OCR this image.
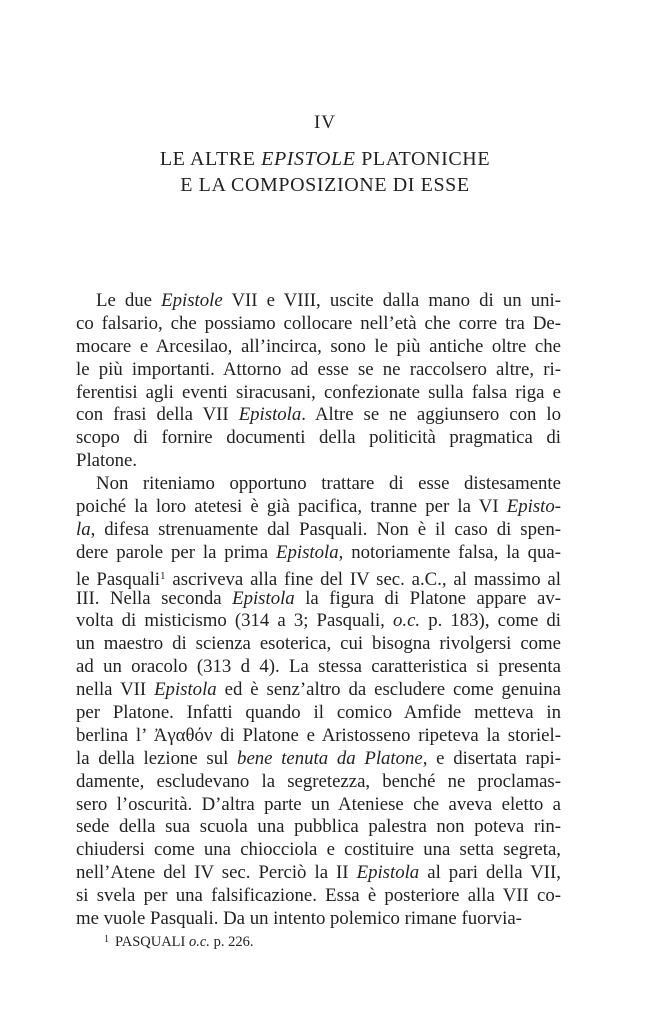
IV
LE ALTRE EPISTOLE PLATONICHE
E LA COMPOSIZIONE DI ESSE
Le due Epistole VII e VIII, uscite dalla mano di un uni-
co falsario, che possiamo collocare nell’età che corre tra De-
mocare e Arcesilao, all’incirca, sono le più antiche oltre che
le più importanti. Attorno ad esse se ne raccolsero altre, ri-
ferentisi agli eventi siracusani, confezionate sulla falsa riga e
con frasi della VII Epistola. Altre se ne aggiunsero con lo
scopo di fornire documenti della politicità pragmatica di
Platone.
Non riteniamo opportuno trattare di esse distesamente
poiché la loro atetesi è già pacifica, tranne per la VI Episto-
la, difesa strenuamente dal Pasquali. Non è il caso di spen-
dere parole per la prima Epistola, notoriamente falsa, la qua-
le Pasquali$^1$ ascriveva alla fine del IV sec. a.C., al massimo al
III. Nella seconda Epistola la figura di Platone appare av-
volta di misticismo (314 a 3; Pasquali, o.c. p. 183), come di
un maestro di scienza esoterica, cui bisogna rivolgersi come
ad un oracolo (313 d 4). La stessa caratteristica si presenta
nella VII Epistola ed è senz’altro da escludere come genuina
per Platone. Infatti quando il comico Amfide metteva in
berlina l’ Ἀγαθόν di Platone e Aristosseno ripeteva la storiel-
la della lezione sul bene tenuta da Platone, e disertata rapi-
damente, escludevano la segretezza, benché ne proclamas-
sero l’oscurità. D’altra parte un Ateniese che aveva eletto a
sede della sua scuola una pubblica palestra non poteva rin-
chiudersi come una chiocciola e costituire una setta segreta,
nell’Atene del IV sec. Perciò la II Epistola al pari della VII,
si svela per una falsificazione. Essa è posteriore alla VII co-
me vuole Pasquali. Da un intento polemico rimane fuorvia-
$^1$ PASQUALI o.c. p. 226.
